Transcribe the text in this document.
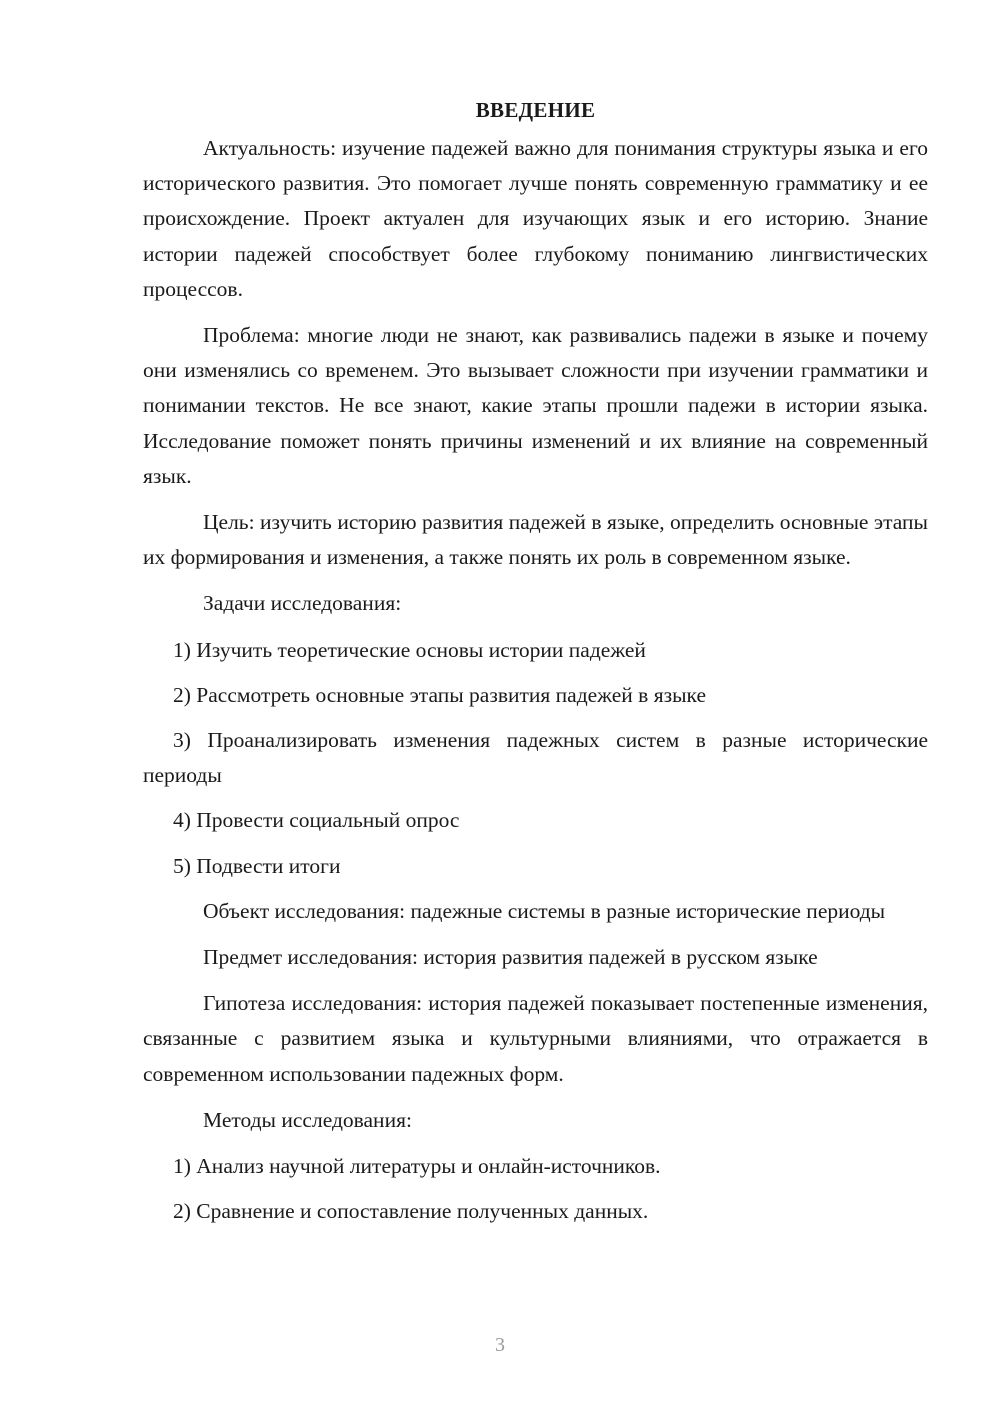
ВВЕДЕНИЕ

Актуальность: изучение падежей важно для понимания структуры языка и его исторического развития. Это помогает лучше понять современную грамматику и ее происхождение. Проект актуален для изучающих язык и его историю. Знание истории падежей способствует более глубокому пониманию лингвистических процессов.

Проблема: многие люди не знают, как развивались падежи в языке и почему они изменялись со временем. Это вызывает сложности при изучении грамматики и понимании текстов. Не все знают, какие этапы прошли падежи в истории языка. Исследование поможет понять причины изменений и их влияние на современный язык.

Цель: изучить историю развития падежей в языке, определить основные этапы их формирования и изменения, а также понять их роль в современном языке.

Задачи исследования:

1) Изучить теоретические основы истории падежей

2) Рассмотреть основные этапы развития падежей в языке

3) Проанализировать изменения падежных систем в разные исторические периоды

4) Провести социальный опрос

5) Подвести итоги

Объект исследования: падежные системы в разные исторические периоды

Предмет исследования: история развития падежей в русском языке

Гипотеза исследования: история падежей показывает постепенные изменения, связанные с развитием языка и культурными влияниями, что отражается в современном использовании падежных форм.

Методы исследования:

1) Анализ научной литературы и онлайн-источников.

2) Сравнение и сопоставление полученных данных.

3
